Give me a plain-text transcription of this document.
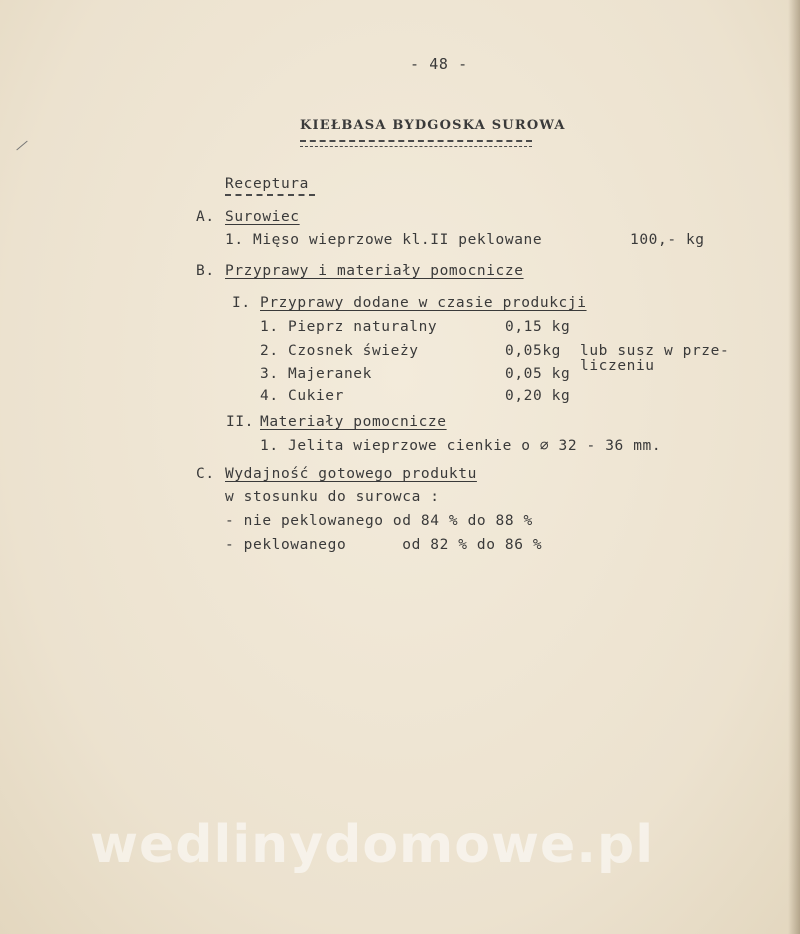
- 48 -
KIEŁBASA BYDGOSKA SUROWA
Receptura
A. Surowiec
1. Mięso wieprzowe kl.II peklowane	100,- kg
B. Przyprawy i materiały pomocnicze
I. Przyprawy dodane w czasie produkcji
1. Pieprz naturalny	0,15 kg
2. Czosnek świeży	0,05kg lub susz w prze-
liczeniu
3. Majeranek	0,05 kg
4. Cukier	0,20 kg
II. Materiały pomocnicze
1. Jelita wieprzowe cienkie o ∅ 32 - 36 mm.
C. Wydajność gotowego produktu
w stosunku do surowca :
- nie peklowanego od 84 % do 88 %
- peklowanego      od 82 % do 86 %
wedlinydomowe.pl
